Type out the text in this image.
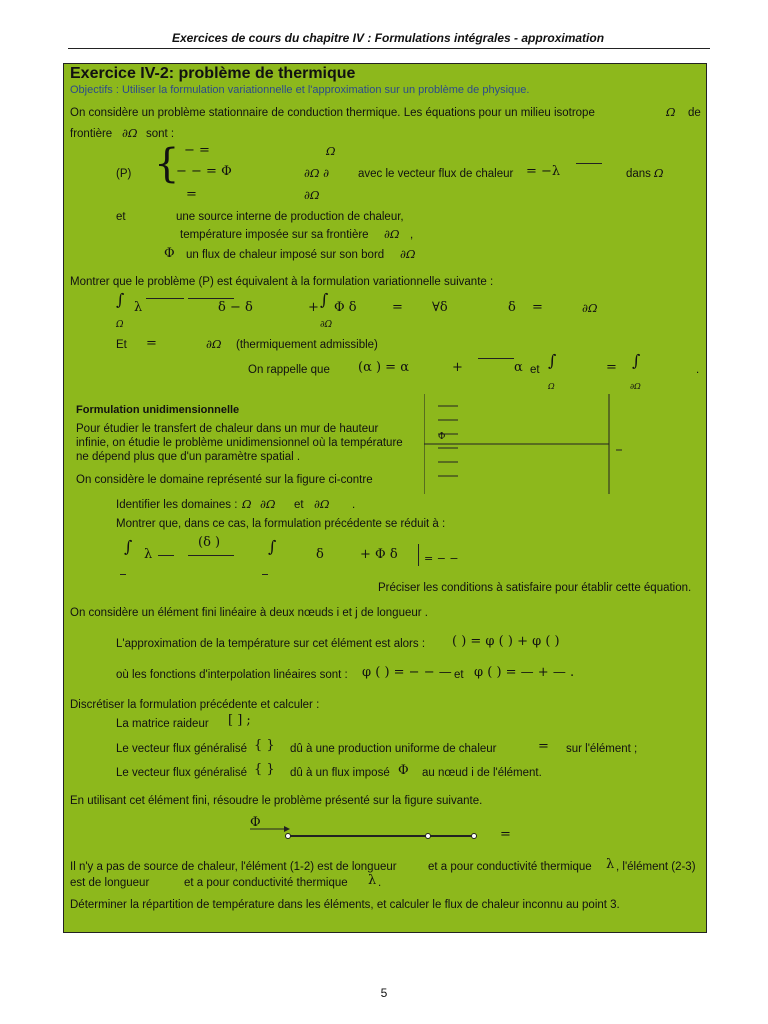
Exercices de cours du chapitre IV : Formulations intégrales - approximation
Exercice IV-2: problème de thermique
Objectifs : Utiliser la formulation variationnelle et l'approximation sur un problème de physique.
On considère un problème stationnaire de conduction thermique. Les équations pour un milieu isotrope	Ω de
frontière ∂Ω sont :
(P) { − =	Ω
− − = Φ	∂Ω ∂	avec le vecteur flux de chaleur = −λ	dans Ω
=	∂Ω
et	une source interne de production de chaleur,
température imposée sur sa frontière ∂Ω ,
Φ un flux de chaleur imposé sur son bord ∂Ω
Montrer que le problème (P) est équivalent à la formulation variationnelle suivante :
∫
Ω
λ	δ − δ	+ ∫
∂Ω
Φ δ	= ∀δ	δ =	∂Ω
Et =	∂Ω (thermiquement admissible)
On rappelle que (α ) = α	+	α et ∫
Ω
= ∫
∂Ω
.
Formulation unidimensionnelle
Pour étudier le transfert de chaleur dans un mur de hauteur
infinie, on étudie le problème unidimensionnel où la température
ne dépend plus que d'un paramètre spatial .
Φ
On considère le domaine représenté sur la figure ci-contre
Identifier les domaines : Ω ∂Ω et ∂Ω .
Montrer que, dans ce cas, la formulation précédente se réduit à :
∫ λ
(δ )	∫	δ	+ Φ δ = − −
Préciser les conditions à satisfaire pour établir cette équation.
On considère un élément fini linéaire à deux nœuds i et j de longueur .
L'approximation de la température sur cet élément est alors : ( ) = φ ( ) + φ ( )
où les fonctions d'interpolation linéaires sont : φ ( ) = − − — et φ ( ) = — + — .
Discrétiser la formulation précédente et calculer :
La matrice raideur [ ] ;
Le vecteur flux généralisé { } dû à une production uniforme de chaleur	= sur l'élément ;
Le vecteur flux généralisé { } dû à un flux imposé Φ au nœud i de l'élément.
En utilisant cet élément fini, résoudre le problème présenté sur la figure suivante.
Φ
=
Il n'y a pas de source de chaleur, l'élément (1-2) est de longueur	et a pour conductivité thermique λ , l'élément (2-3)
est de longueur	et a pour conductivité thermique λ .
Déterminer la répartition de température dans les éléments, et calculer le flux de chaleur inconnu au point 3.
5
